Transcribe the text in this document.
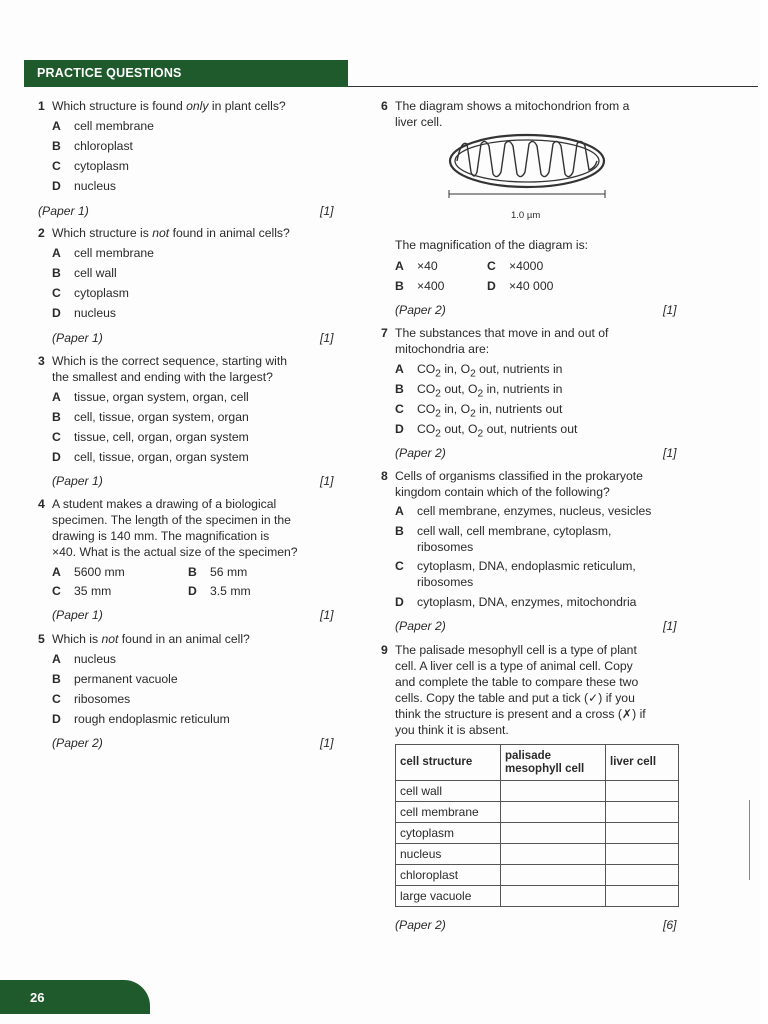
PRACTICE QUESTIONS
1 Which structure is found only in plant cells?
A cell membrane
B chloroplast
C cytoplasm
D nucleus
(Paper 1)	[1]
2 Which structure is not found in animal cells?
A cell membrane
B cell wall
C cytoplasm
D nucleus
(Paper 1)	[1]
3 Which is the correct sequence, starting with
the smallest and ending with the largest?
A tissue, organ system, organ, cell
B cell, tissue, organ system, organ
C tissue, cell, organ, organ system
D cell, tissue, organ, organ system
(Paper 1)	[1]
4 A student makes a drawing of a biological
specimen. The length of the specimen in the
drawing is 140 mm. The magnification is
×40. What is the actual size of the specimen?
A 5600 mm	B 56 mm
C 35 mm	D 3.5 mm
(Paper 1)	[1]
5 Which is not found in an animal cell?
A nucleus
B permanent vacuole
C ribosomes
D rough endoplasmic reticulum
(Paper 2)	[1]
6 The diagram shows a mitochondrion from a
liver cell.
1.0 µm
The magnification of the diagram is:
A ×40	C ×4000
B ×400	D ×40 000
(Paper 2)	[1]
7 The substances that move in and out of
mitochondria are:
A $CO_2$ in, $O_2$ out, nutrients in
B $CO_2$ out, $O_2$ in, nutrients in
C $CO_2$ in, $O_2$ in, nutrients out
D $CO_2$ out, $O_2$ out, nutrients out
(Paper 2)	[1]
8 Cells of organisms classified in the prokaryote
kingdom contain which of the following?
A cell membrane, enzymes, nucleus, vesicles
B cell wall, cell membrane, cytoplasm,
ribosomes
C cytoplasm, DNA, endoplasmic reticulum,
ribosomes
D cytoplasm, DNA, enzymes, mitochondria
(Paper 2)	[1]
9 The palisade mesophyll cell is a type of plant
cell. A liver cell is a type of animal cell. Copy
and complete the table to compare these two
cells. Copy the table and put a tick (✓) if you
think the structure is present and a cross (✗) if
you think it is absent.
cell structure	palisade mesophyll cell	liver cell
cell wall		
cell membrane		
cytoplasm		
nucleus		
chloroplast		
large vacuole		
(Paper 2)	[6]
26
